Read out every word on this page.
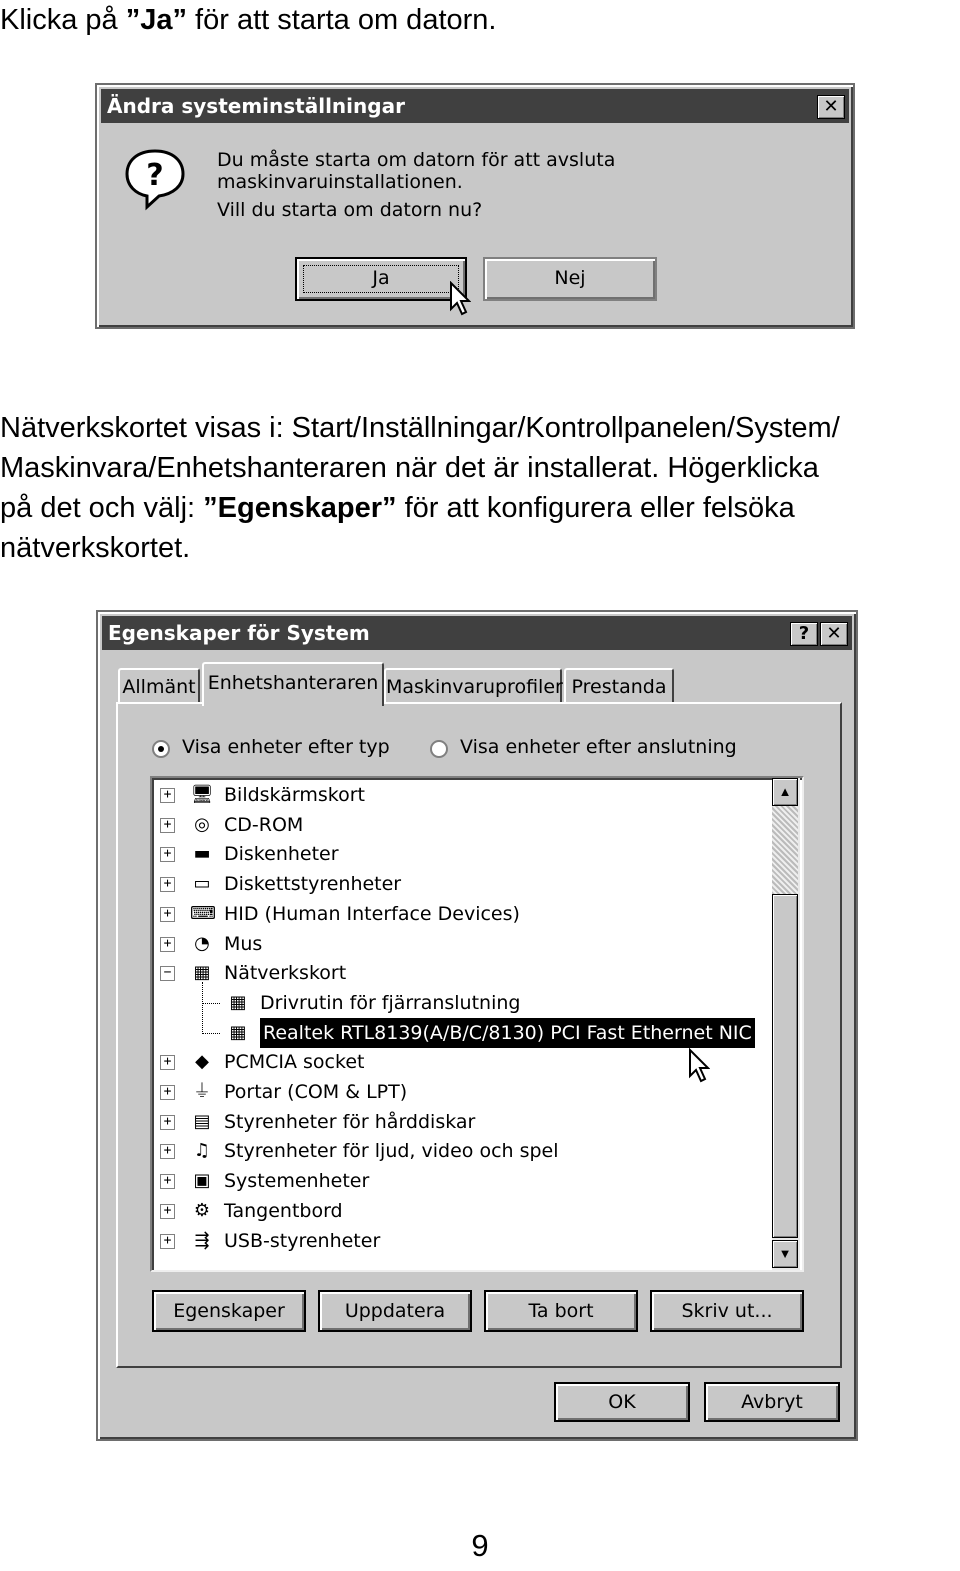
Klicka på ”Ja” för att starta om datorn.
Ändra systeminställningar	✕
?	Du måste starta om datorn för att avsluta maskinvaruinstallationen.
Vill du starta om datorn nu?
Ja	Nej
Nätverkskortet visas i: Start/Inställningar/Kontrollpanelen/System/
Maskinvara/Enhetshanteraren när det är installerat. Högerklicka
på det och välj: ”Egenskaper” för att konfigurera eller felsöka
nätverkskortet.
Egenskaper för System	? ✕
Allmänt Enhetshanteraren Maskinvaruprofiler Prestanda
Visa enheter efter typ	Visa enheter efter anslutning
+ 🖥 Bildskärmskort
+ ◎ CD-ROM
+ ▬ Diskenheter
+ ▭ Diskettstyrenheter
+ ⌨ HID (Human Interface Devices)
+ ◔ Mus
− ▦ Nätverkskort
▦ Drivrutin för fjärranslutning
▦ Realtek RTL8139(A/B/C/8130) PCI Fast Ethernet NIC
+ ◆ PCMCIA socket
+ ⏚ Portar (COM & LPT)
+ ▤ Styrenheter för hårddiskar
+ ♫ Styrenheter för ljud, video och spel
+ ▣ Systemenheter
+ ⚙ Tangentbord
+ ⇶ USB-styrenheter
▲
▼
Egenskaper	Uppdatera	Ta bort	Skriv ut...
OK	Avbryt
9
